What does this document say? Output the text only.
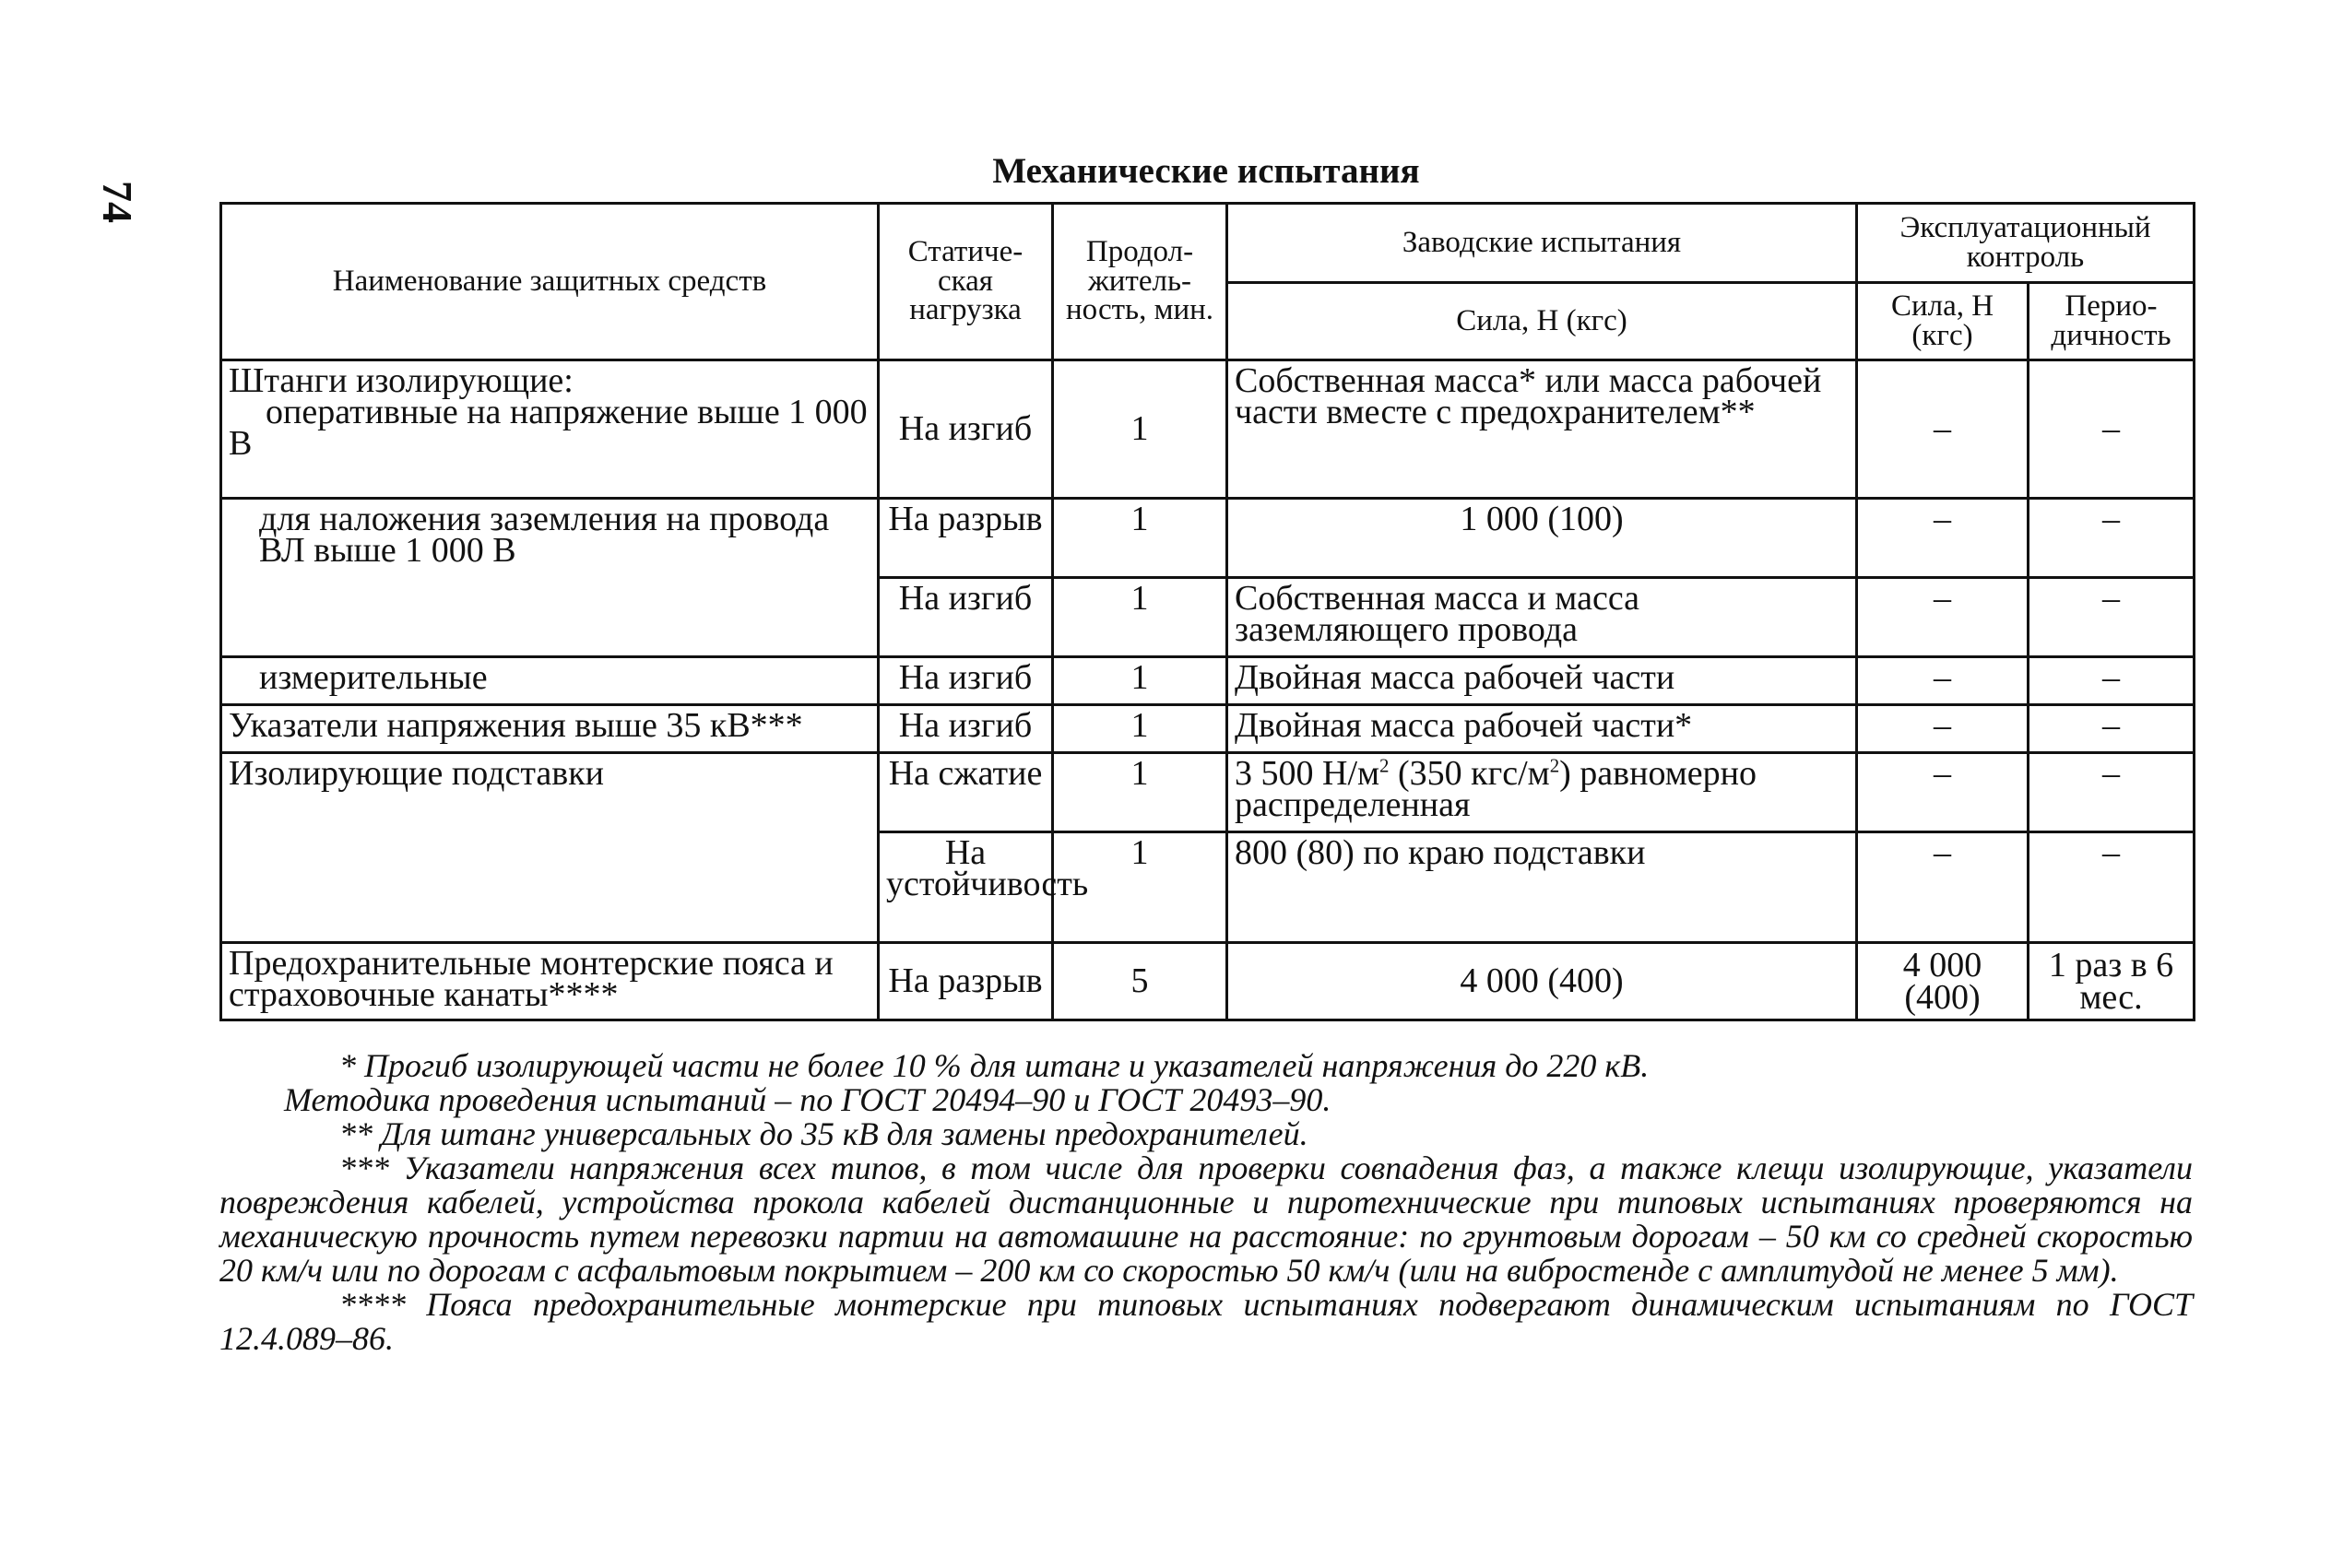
74
Механические испытания
Наименование защитных средств	Статиче-ская нагрузка	Продол-житель-ность, мин.	Заводские испытания	Эксплуатационный контроль	
			Сила, Н (кгс)	Сила, Н (кгс)	Перио-дичность

Штанги изолирующие:
оперативные на напряжение выше 1 000 В	На изгиб	1	Собственная масса* или масса рабочей части вместе с предохранителем**	–	–
для наложения заземления на провода ВЛ выше 1 000 В	На разрыв	1	1 000 (100)	–	–
	На изгиб	1	Собственная масса и масса заземляющего провода	–	–
измерительные	На изгиб	1	Двойная масса рабочей части	–	–
Указатели напряжения выше 35 кВ***	На изгиб	1	Двойная масса рабочей части*	–	–
Изолирующие подставки	На сжатие	1	3 500 $Н/м^2$ (350 кгс/$м^2$) равномерно распределенная	–	–
	На устойчивость	1	800 (80) по краю подставки	–	–
Предохранительные монтерские пояса и страховочные канаты****	На разрыв	5	4 000 (400)	4 000 (400)	1 раз в 6 мес.

* Прогиб изолирующей части не более 10 % для штанг и указателей напряжения до 220 кВ.

Методика проведения испытаний – по ГОСТ 20494–90 и ГОСТ 20493–90.

** Для штанг универсальных до 35 кВ для замены предохранителей.

*** Указатели напряжения всех типов, в том числе для проверки совпадения фаз, а также клещи изолирующие, указатели повреждения кабелей, устройства прокола кабелей дистанционные и пиротехнические при типовых испытаниях проверяются на механическую прочность путем перевозки партии на автомашине на расстояние: по грунтовым дорогам – 50 км со средней скоростью 20 км/ч или по дорогам с асфальтовым покрытием – 200 км со скоростью 50 км/ч (или на вибростенде с амплитудой не менее 5 мм).

**** Пояса предохранительные монтерские при типовых испытаниях подвергают динамическим испытаниям по ГОСТ 12.4.089–86.
